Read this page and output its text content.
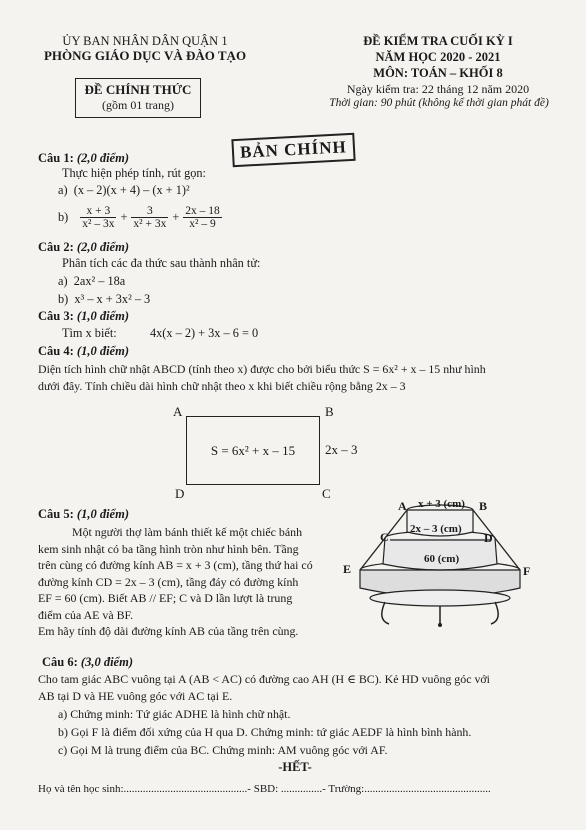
ỦY BAN NHÂN DÂN QUẬN 1
PHÒNG GIÁO DỤC VÀ ĐÀO TẠO
ĐỀ CHÍNH THỨC
(gồm 01 trang)
ĐỀ KIỂM TRA CUỐI KỲ I
NĂM HỌC 2020 - 2021
MÔN: TOÁN – KHỐI 8
Ngày kiểm tra: 22 tháng 12 năm 2020
Thời gian: 90 phút (không kể thời gian phát đề)
BẢN CHÍNH
Câu 1: (2,0 điểm)
Thực hiện phép tính, rút gọn:
a) (x – 2)(x + 4) – (x + 1)²
$b) \frac{x + 3}{\text{x² – 3x}} + \frac{3}{\text{x² + 3x}} + \frac{2x - 18}{\text{x² – 9}}$
Câu 2: (2,0 điểm)
Phân tích các đa thức sau thành nhân tử:
a) 2ax² – 18a
b) x³ – x + 3x² – 3
Câu 3: (1,0 điểm)
Tìm x biết:	4x(x – 2) + 3x – 6 = 0
Câu 4: (1,0 điểm)
Diện tích hình chữ nhật ABCD (tính theo x) được cho bởi biểu thức S = 6x² + x – 15 như hình
dưới đây. Tính chiều dài hình chữ nhật theo x khi biết chiều rộng bằng 2x – 3
A	B
S = 6x² + x – 15 2x – 3
D	C
Câu 5: (1,0 điểm)
Một người thợ làm bánh thiết kế một chiếc bánh
kem sinh nhật có ba tầng hình tròn như hình bên. Tầng
trên cùng có đường kính AB = x + 3 (cm), tầng thứ hai có
đường kính CD = 2x – 3 (cm), tầng đáy có đường kính
EF = 60 (cm). Biết AB // EF; C và D lần lượt là trung
điểm của AE và BF.
Em hãy tính độ dài đường kính AB của tầng trên cùng.
A	B
x + 3 (cm)
C	D
2x – 3 (cm)
60 (cm)
E	F
Câu 6: (3,0 điểm)
Cho tam giác ABC vuông tại A (AB < AC) có đường cao AH (H ∈ BC). Kẻ HD vuông góc với
AB tại D và HE vuông góc với AC tại E.
a) Chứng minh: Tứ giác ADHE là hình chữ nhật.
b) Gọi F là điểm đối xứng của H qua D. Chứng minh: tứ giác AEDF là hình bình hành.
c) Gọi M là trung điểm của BC. Chứng minh: AM vuông góc với AF.
-HẾT-
Họ và tên học sinh:.............................................- SBD: ...............- Trường:..............................................
